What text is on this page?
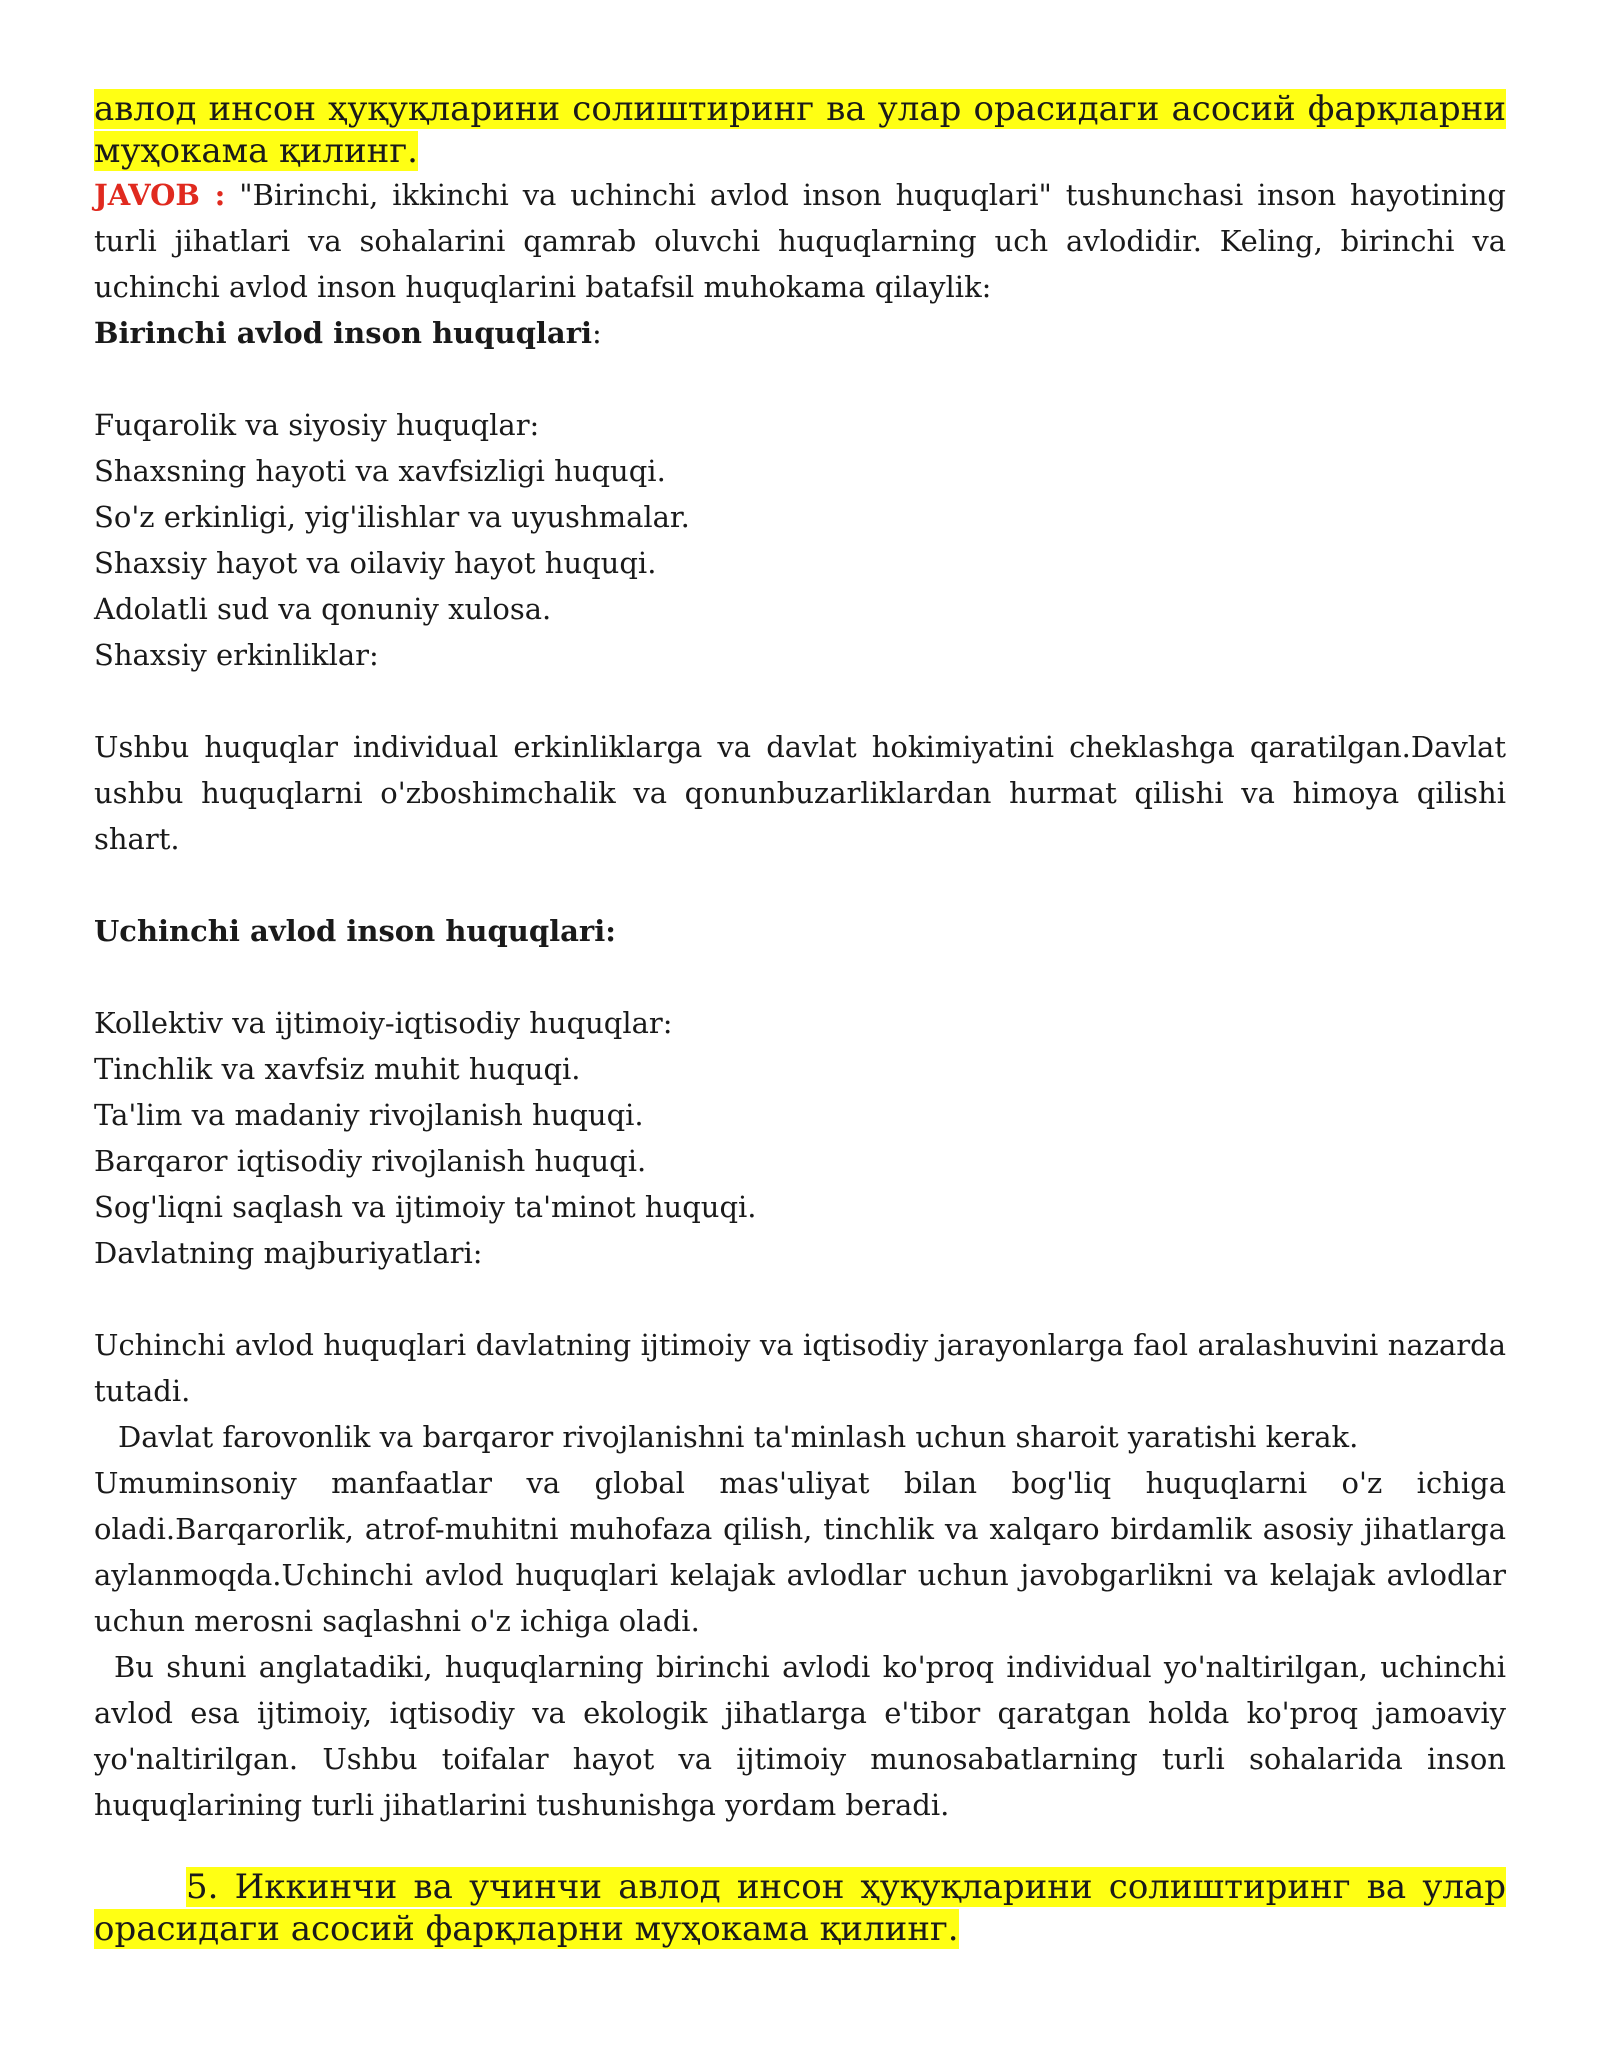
авлод инсон ҳуқуқларини солиштиринг ва улар орасидаги асосий фарқларни муҳокама қилинг.

JAVOB : "Birinchi, ikkinchi va uchinchi avlod inson huquqlari" tushunchasi inson hayotining turli jihatlari va sohalarini qamrab oluvchi huquqlarning uch avlodidir. Keling, birinchi va uchinchi avlod inson huquqlarini batafsil muhokama qilaylik:

Birinchi avlod inson huquqlari:

Fuqarolik va siyosiy huquqlar:

Shaxsning hayoti va xavfsizligi huquqi.

So'z erkinligi, yig'ilishlar va uyushmalar.

Shaxsiy hayot va oilaviy hayot huquqi.

Adolatli sud va qonuniy xulosa.

Shaxsiy erkinliklar:

Ushbu huquqlar individual erkinliklarga va davlat hokimiyatini cheklashga qaratilgan.Davlat ushbu huquqlarni o'zboshimchalik va qonunbuzarliklardan hurmat qilishi va himoya qilishi shart.

Uchinchi avlod inson huquqlari:

Kollektiv va ijtimoiy-iqtisodiy huquqlar:

Tinchlik va xavfsiz muhit huquqi.

Ta'lim va madaniy rivojlanish huquqi.

Barqaror iqtisodiy rivojlanish huquqi.

Sog'liqni saqlash va ijtimoiy ta'minot huquqi.

Davlatning majburiyatlari:

Uchinchi avlod huquqlari davlatning ijtimoiy va iqtisodiy jarayonlarga faol aralashuvini nazarda tutadi.

Davlat farovonlik va barqaror rivojlanishni ta'minlash uchun sharoit yaratishi kerak.

Umuminsoniy manfaatlar va global mas'uliyat bilan bog'liq huquqlarni o'z ichiga oladi.Barqarorlik, atrof-muhitni muhofaza qilish, tinchlik va xalqaro birdamlik asosiy jihatlarga aylanmoqda.Uchinchi avlod huquqlari kelajak avlodlar uchun javobgarlikni va kelajak avlodlar uchun merosni saqlashni o'z ichiga oladi.

Bu shuni anglatadiki, huquqlarning birinchi avlodi ko'proq individual yo'naltirilgan, uchinchi avlod esa ijtimoiy, iqtisodiy va ekologik jihatlarga e'tibor qaratgan holda ko'proq jamoaviy yo'naltirilgan. Ushbu toifalar hayot va ijtimoiy munosabatlarning turli sohalarida inson huquqlarining turli jihatlarini tushunishga yordam beradi.

5. Иккинчи ва учинчи авлод инсон ҳуқуқларини солиштиринг ва улар орасидаги асосий фарқларни муҳокама қилинг.
